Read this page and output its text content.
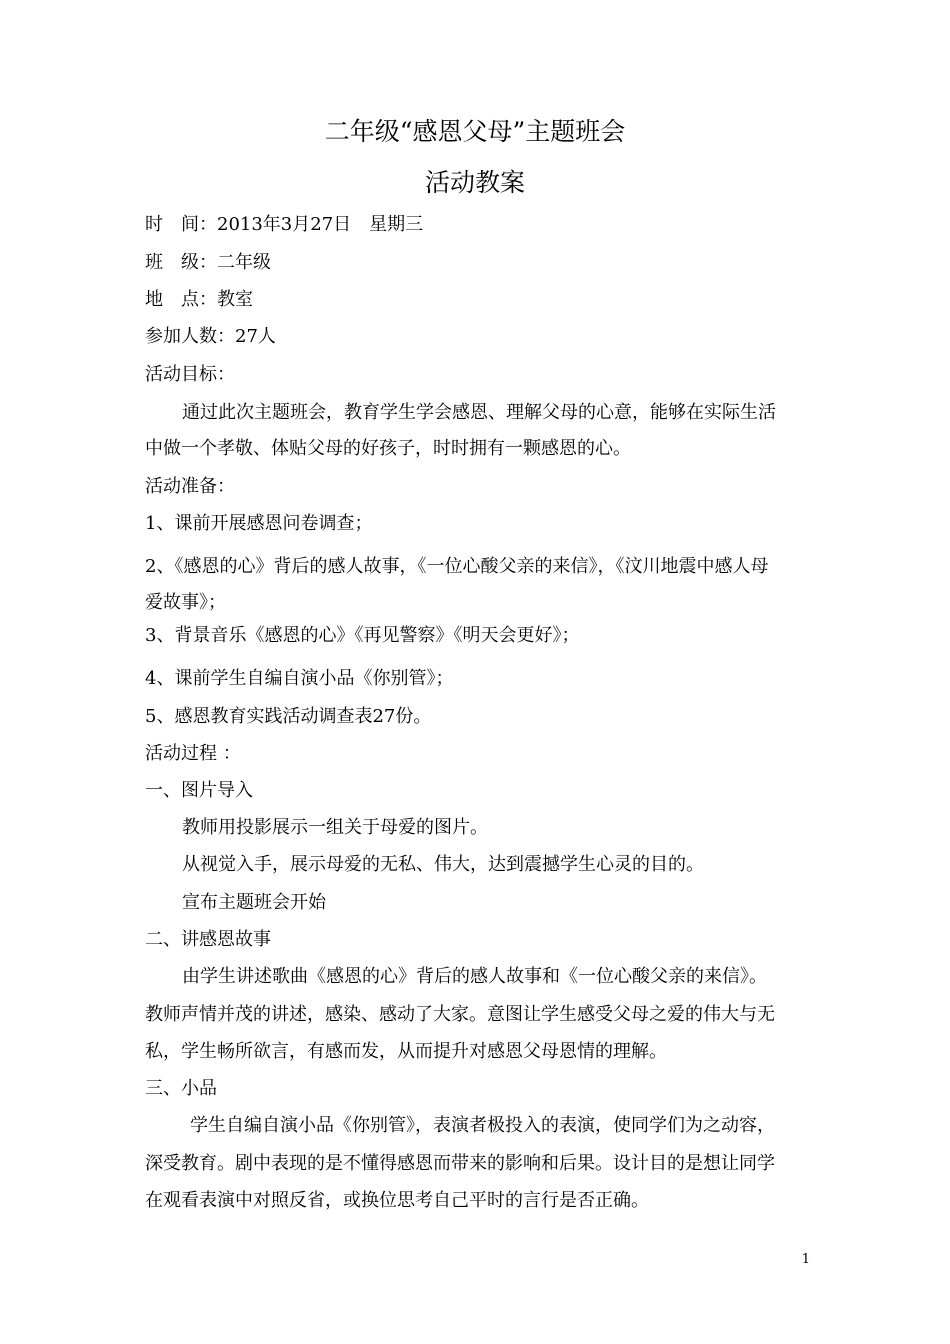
二年级“感恩父母”主题班会
活动教案
时　间：2013年3月27日　星期三
班　级：二年级
地　点：教室
参加人数：27人
活动目标：
通过此次主题班会，教育学生学会感恩、理解父母的心意，能够在实际生活
中做一个孝敬、体贴父母的好孩子，时时拥有一颗感恩的心。
活动准备：
1、课前开展感恩问卷调查；
2、《感恩的心》背后的感人故事，《一位心酸父亲的来信》，《汶川地震中感人母
爱故事》；
3、背景音乐《感恩的心》《再见警察》《明天会更好》；
4、课前学生自编自演小品《你别管》；
5、感恩教育实践活动调查表27份。
活动过程 ：
一、图片导入
教师用投影展示一组关于母爱的图片。
从视觉入手，展示母爱的无私、伟大，达到震撼学生心灵的目的。
宣布主题班会开始
二、讲感恩故事
由学生讲述歌曲《感恩的心》背后的感人故事和《一位心酸父亲的来信》。
教师声情并茂的讲述，感染、感动了大家。意图让学生感受父母之爱的伟大与无
私，学生畅所欲言，有感而发，从而提升对感恩父母恩情的理解。
三、小品
学生自编自演小品《你别管》，表演者极投入的表演，使同学们为之动容，
深受教育。剧中表现的是不懂得感恩而带来的影响和后果。设计目的是想让同学
在观看表演中对照反省，或换位思考自己平时的言行是否正确。
1
